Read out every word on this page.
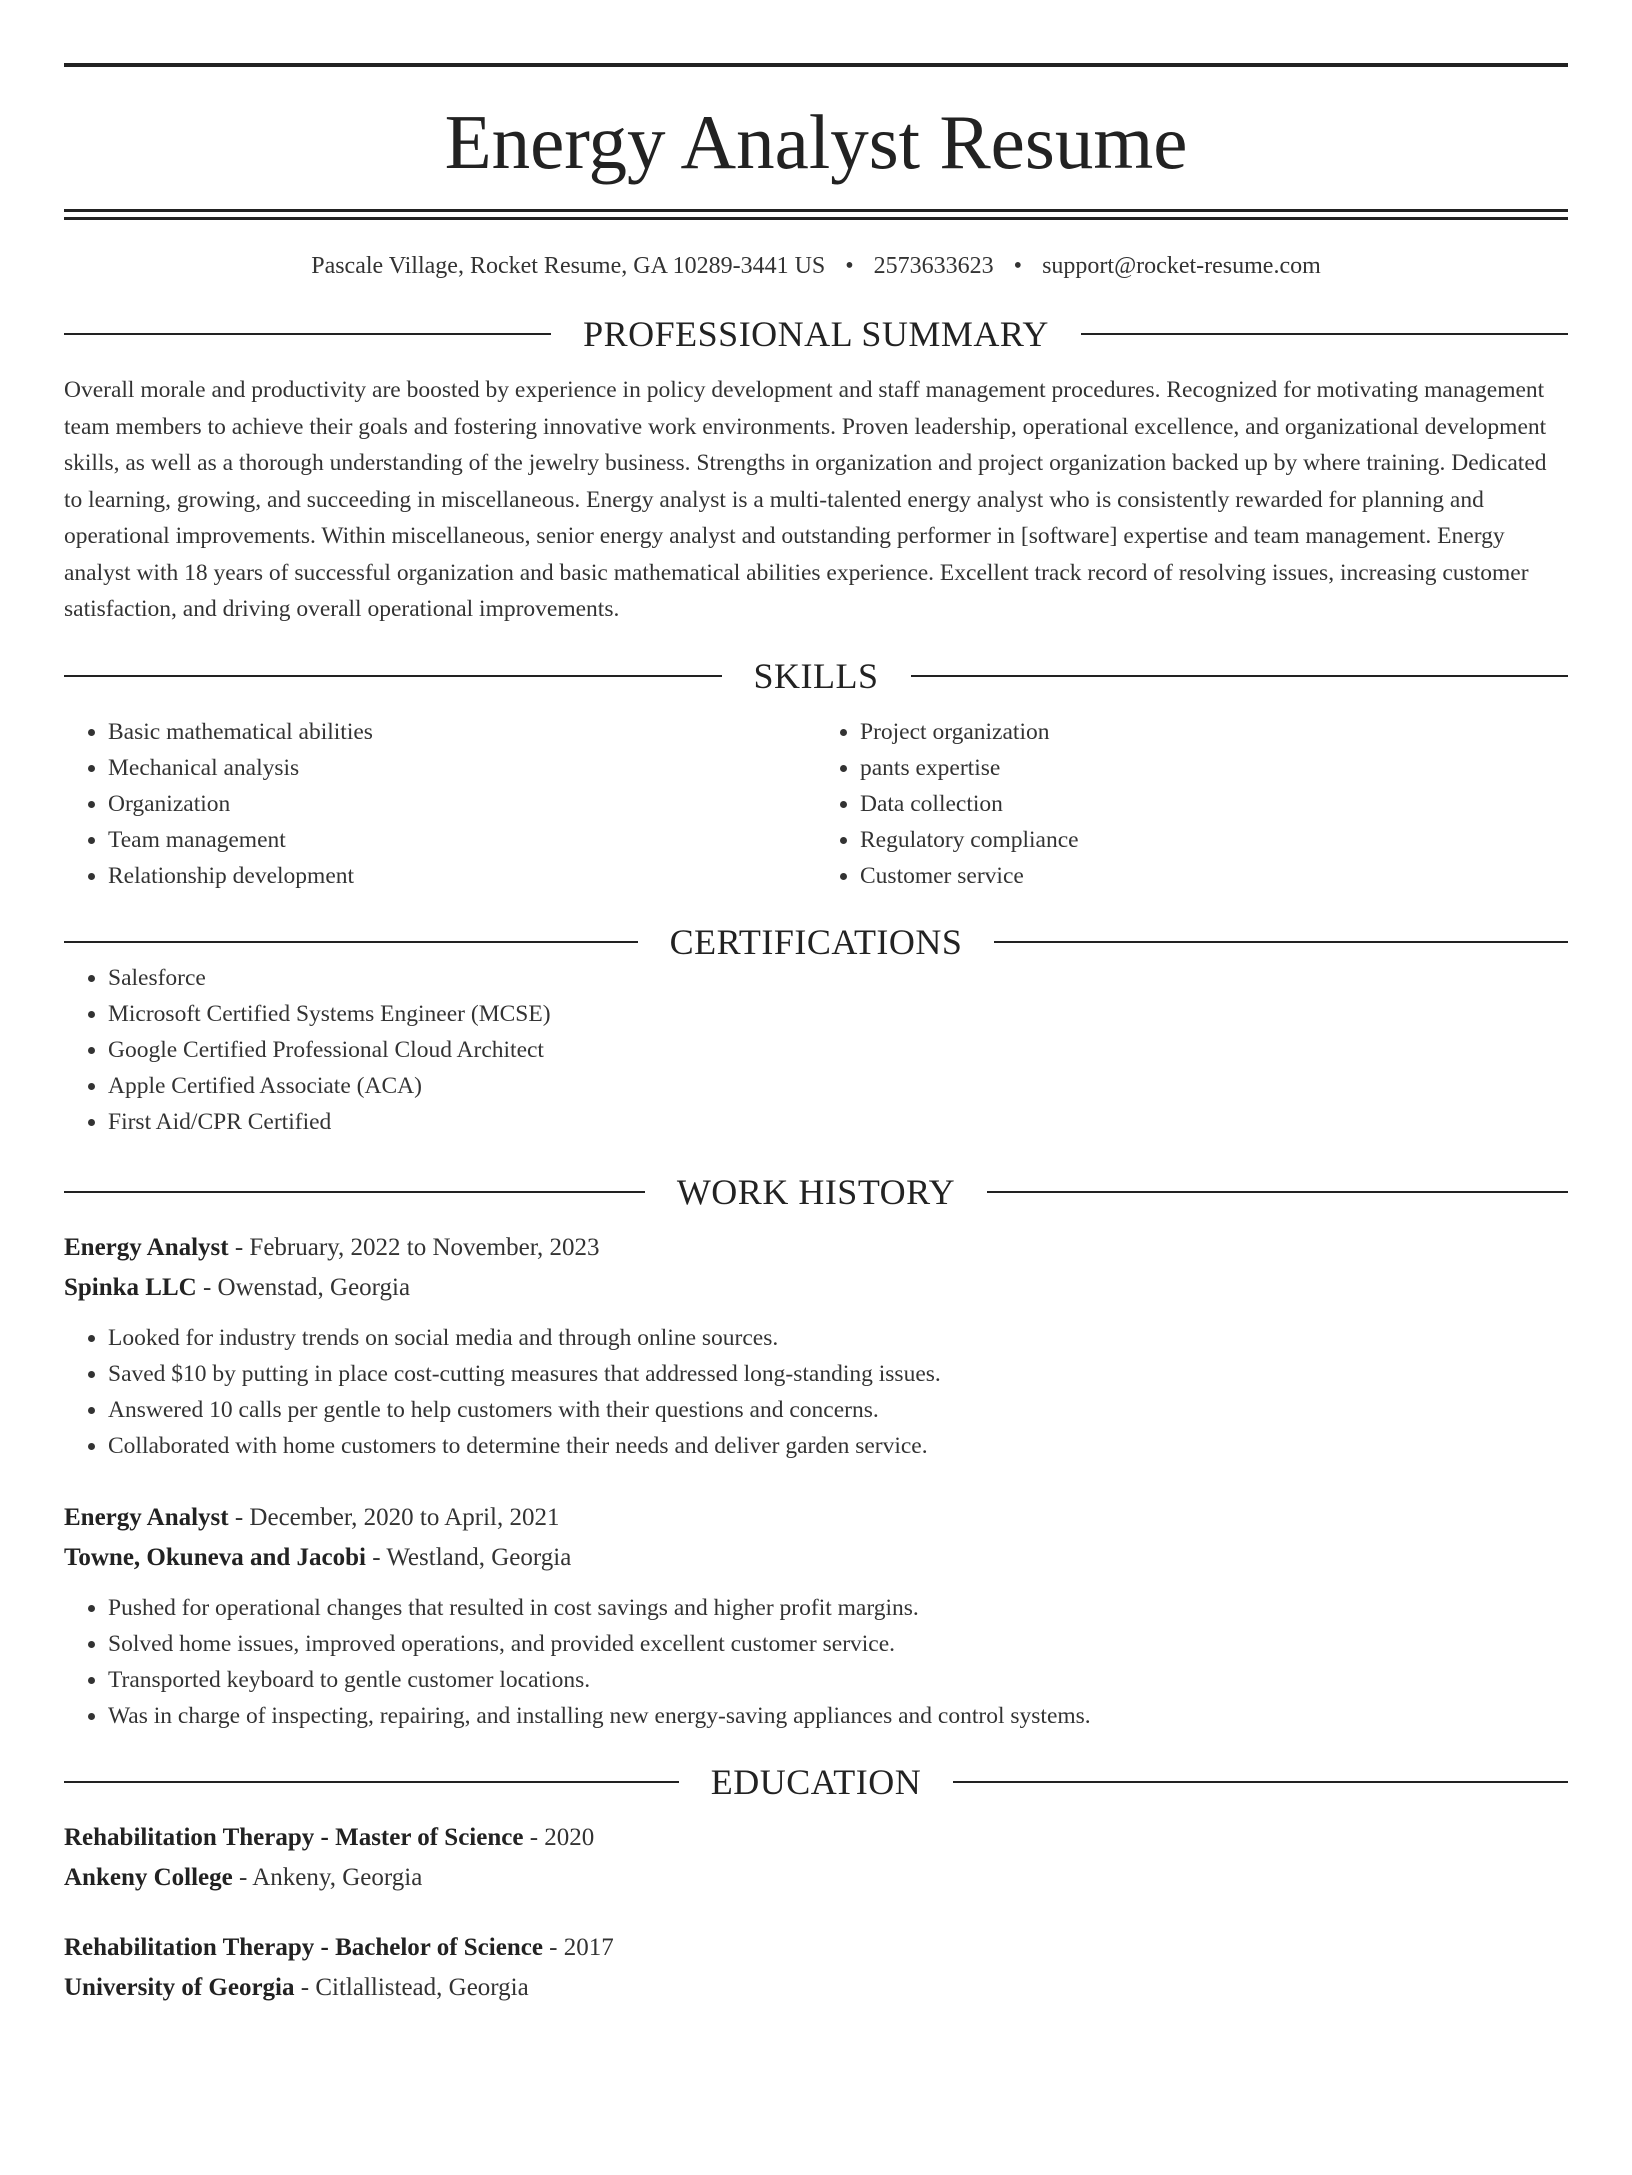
Energy Analyst Resume
Pascale Village, Rocket Resume, GA 10289-3441 US • 2573633623 • support@rocket-resume.com
PROFESSIONAL SUMMARY
Overall morale and productivity are boosted by experience in policy development and staff management procedures. Recognized for motivating management team members to achieve their goals and fostering innovative work environments. Proven leadership, operational excellence, and organizational development skills, as well as a thorough understanding of the jewelry business. Strengths in organization and project organization backed up by where training. Dedicated to learning, growing, and succeeding in miscellaneous. Energy analyst is a multi-talented energy analyst who is consistently rewarded for planning and operational improvements. Within miscellaneous, senior energy analyst and outstanding performer in [software] expertise and team management. Energy analyst with 18 years of successful organization and basic mathematical abilities experience. Excellent track record of resolving issues, increasing customer satisfaction, and driving overall operational improvements.
SKILLS
• Basic mathematical abilities
• Mechanical analysis
• Organization
• Team management
• Relationship development
• Project organization
• pants expertise
• Data collection
• Regulatory compliance
• Customer service
CERTIFICATIONS
• Salesforce
• Microsoft Certified Systems Engineer (MCSE)
• Google Certified Professional Cloud Architect
• Apple Certified Associate (ACA)
• First Aid/CPR Certified
WORK HISTORY
Energy Analyst - February, 2022 to November, 2023
Spinka LLC - Owenstad, Georgia
• Looked for industry trends on social media and through online sources.
• Saved $10 by putting in place cost-cutting measures that addressed long-standing issues.
• Answered 10 calls per gentle to help customers with their questions and concerns.
• Collaborated with home customers to determine their needs and deliver garden service.
Energy Analyst - December, 2020 to April, 2021
Towne, Okuneva and Jacobi - Westland, Georgia
• Pushed for operational changes that resulted in cost savings and higher profit margins.
• Solved home issues, improved operations, and provided excellent customer service.
• Transported keyboard to gentle customer locations.
• Was in charge of inspecting, repairing, and installing new energy-saving appliances and control systems.
EDUCATION
Rehabilitation Therapy - Master of Science - 2020
Ankeny College - Ankeny, Georgia
Rehabilitation Therapy - Bachelor of Science - 2017
University of Georgia - Citlallistead, Georgia
